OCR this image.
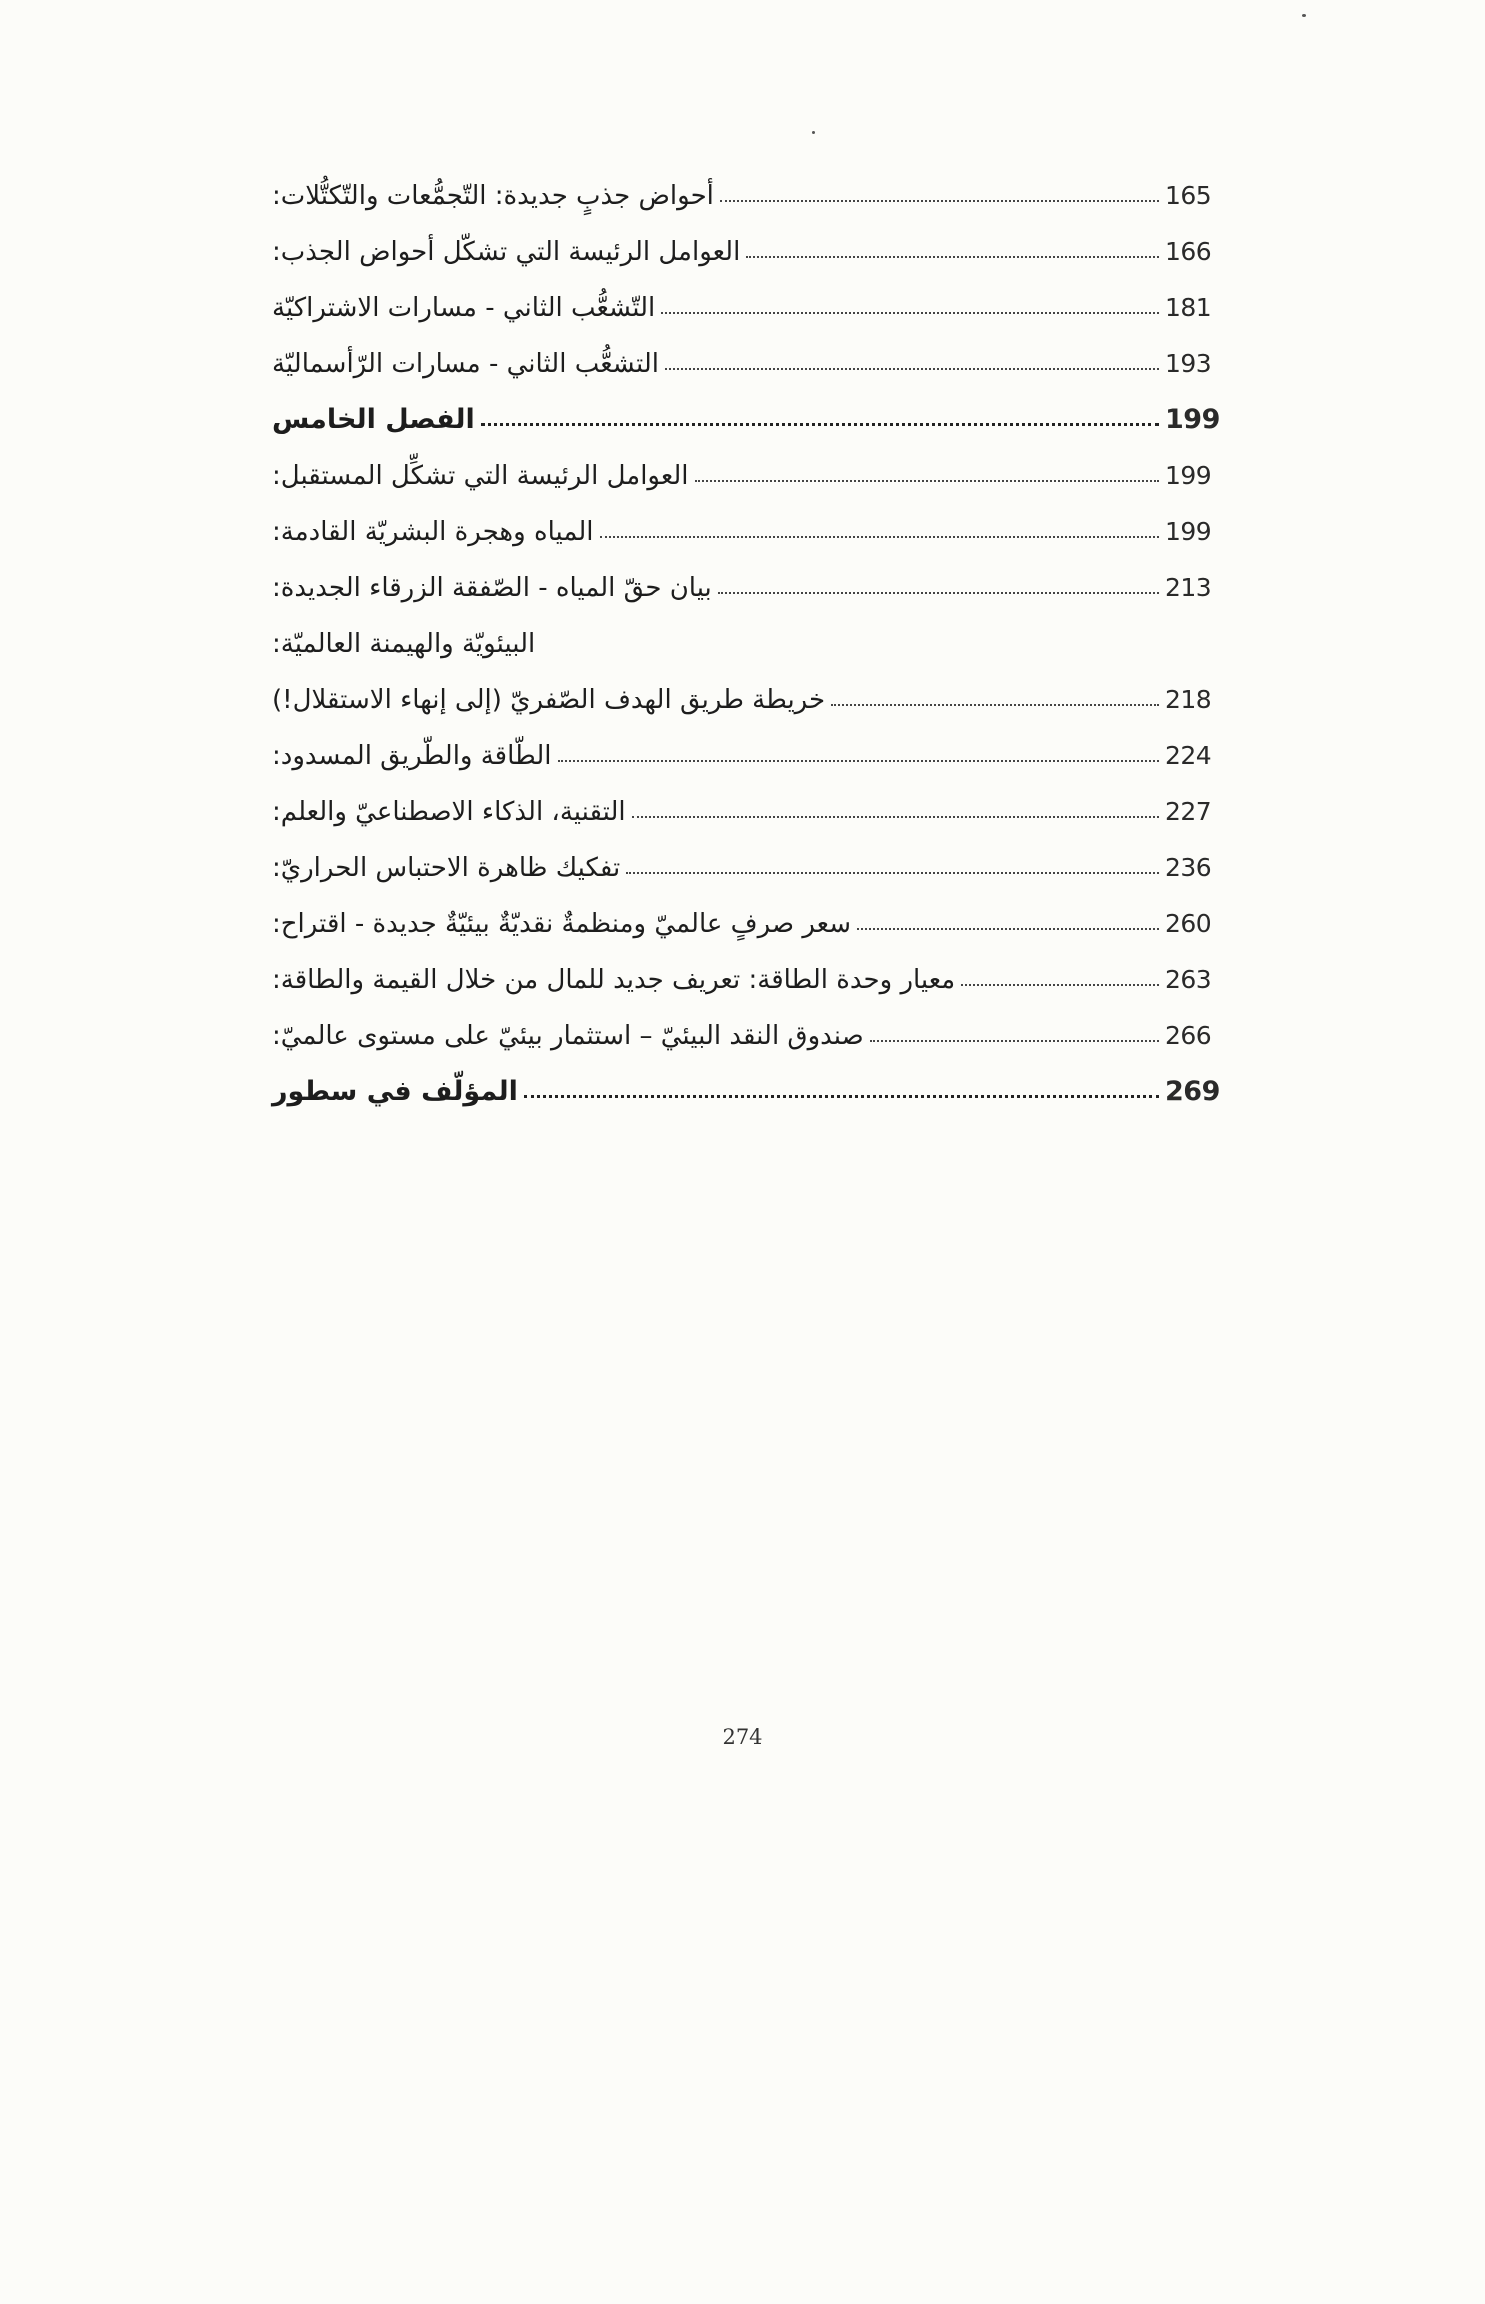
أحواض جذبٍ جديدة: التّجمُّعات والتّكتُّلات:	165
العوامل الرئيسة التي تشكّل أحواض الجذب:	166
التّشعُّب الثاني - مسارات الاشتراكيّة	181
التشعُّب الثاني - مسارات الرّأسماليّة	193
الفصل الخامس	199
العوامل الرئيسة التي تشكِّل المستقبل:	199
المياه وهجرة البشريّة القادمة:	199
بيان حقّ المياه - الصّفقة الزرقاء الجديدة:	213
البيئويّة والهيمنة العالميّة:
خريطة طريق الهدف الصّفريّ (إلى إنهاء الاستقلال!)	218
الطّاقة والطّريق المسدود:	224
التقنية، الذكاء الاصطناعيّ والعلم:	227
تفكيك ظاهرة الاحتباس الحراريّ:	236
سعر صرفٍ عالميّ ومنظمةٌ نقديّةٌ بيئيّةٌ جديدة - اقتراح:	260
معيار وحدة الطاقة: تعريف جديد للمال من خلال القيمة والطاقة:	263
صندوق النقد البيئيّ – استثمار بيئيّ على مستوى عالميّ:	266
المؤلّف في سطور	269
274
